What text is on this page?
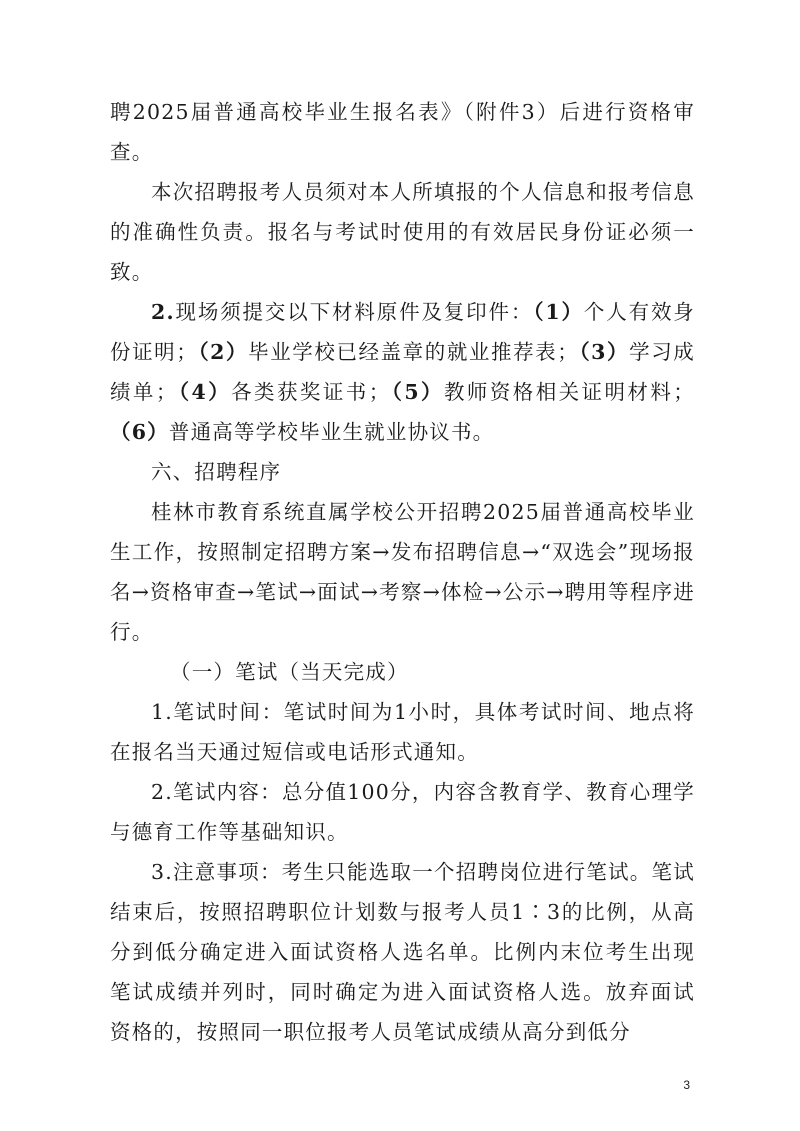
聘2025届普通高校毕业生报名表》（附件3）后进行资格审查。

本次招聘报考人员须对本人所填报的个人信息和报考信息的准确性负责。报名与考试时使用的有效居民身份证必须一致。

2.现场须提交以下材料原件及复印件：（1）个人有效身份证明；（2）毕业学校已经盖章的就业推荐表；（3）学习成绩单；（4）各类获奖证书；（5）教师资格相关证明材料；（6）普通高等学校毕业生就业协议书。

六、招聘程序

桂林市教育系统直属学校公开招聘2025届普通高校毕业生工作，按照制定招聘方案→发布招聘信息→“双选会”现场报名→资格审查→笔试→面试→考察→体检→公示→聘用等程序进行。

（一）笔试（当天完成）

1.笔试时间：笔试时间为1小时，具体考试时间、地点将在报名当天通过短信或电话形式通知。

2.笔试内容：总分值100分，内容含教育学、教育心理学与德育工作等基础知识。

3.注意事项：考生只能选取一个招聘岗位进行笔试。笔试结束后，按照招聘职位计划数与报考人员1∶3的比例，从高分到低分确定进入面试资格人选名单。比例内末位考生出现笔试成绩并列时，同时确定为进入面试资格人选。放弃面试资格的，按照同一职位报考人员笔试成绩从高分到低分

3
